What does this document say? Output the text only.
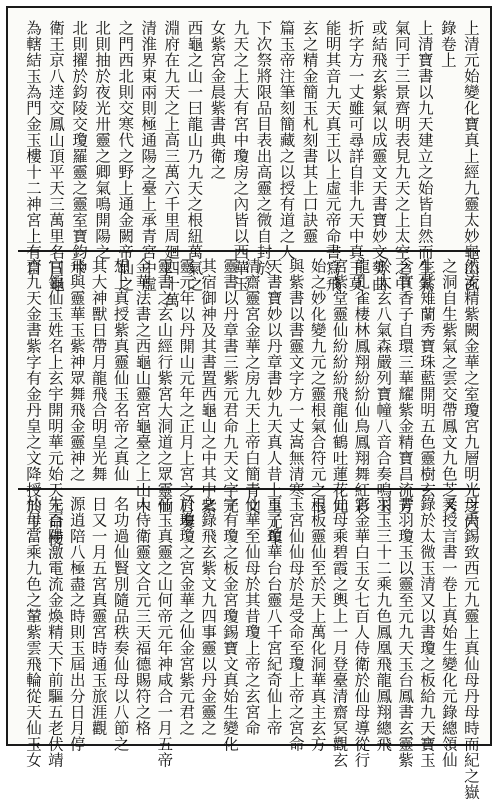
上清元始變化寶真上經九靈太妙龜山玄
錄卷上
上清寶書以九天建立之始皆自然而生氣
氣同于三景齊明表見九天之上太空之中
或結飛玄紫氣以成靈文天書寶妙文勢曲
折字方一丈雖可尋詳自非九天中真王莫
能明其音九天真王以上虛元帝命書寫飛
玄之精金簡玉札刻書其上口訣靈
篇玉帝注筆刻簡藏之以授有道之人
下次祭將限品目表出高靈之微自封於
九天之上大有宮中瓊房之內皆以西華玉
女紫宮金晨紫書典衛之
西龜之山一曰龍山乃九天之根紐萬氣之
淵府在九天之上高三萬六千里周廻四十萬
清淮界東兩則極通陽之臺上承青宮中虛
之門西北則交寒代之野上通金闕帝仙之
北則抽於夜光卅靈之卿氣鳴開陽之
北則擢於鈞陵交瓊羅靈之靈室寶鈞中
衛王京八逹交鳳山頂平天三萬里名曰龜
為轄結玉為門金玉樓十二神宮上有自
然流精紫闕金華之室瓊宮九層明光之穴
之洞自生紫氣之雲交帶鳳文九色芝秀
生紫雉蘭秀寶珠藍開明五色靈樹玄
含實香子自環三華耀紫金精寶昌流芳
於太玄八氣森嚴列寶幢八音合奏鳴玉
龍孔雀棲林鳳翔紛紛仙鳥鳳翔舞紅彩
宮紫堂靈仙紛紛紛飛龍仙鶴吐蓮花元
始之妙化變九元之靈根氣合符元之根
與紫書以書靈文字方一丈嵩無清寒
天書寶妙以丹章書妙九天真人昔上皇元年
清齋靈宮金華之房九天上帝白簡青文
靈書以丹章書三紫元君命九天文字元
其宿御神及其書置西龜山之中其中紫
靈元年以丹開山元年之正月上宮之日奏
靈書之玄山經行紫宮大洞道之眾靈仙
金華法書之西龜山靈宮龜臺之上山中
想上真授紫真靈仙玉名帝之真仙
其大神獸日帶月龍飛合明皇光舞
飛與靈華玉紫神眾舞飛金靈神之
官領仙玉姓名上玄宇開明華元始天王命使
齋九天金書紫字有金丹皇之文降授於王
母禹錫致西元九靈上真仙母丹母時而紀之嶽
又授言書一卷上真始生變化元錄總領仙
錄於太微玉清又以書瓊之板給九天寶玉
青羽瓊玉以靈至元九天玉台鳳書玄靈紫
羽玉三十二乘九色鳳凰飛龍鳳翔總飛
宮金華白玉女七百人侍衛於仙母導從行
仙母乘碧霞之輿上一月登臺清齋冥觀玄
玉板靈仙至於天上萬化洞華真主玄方
玉宮仙仙母於是受命至瓊上帝之宮命
玉子瓊華台台靈八千宮紀奇仙上帝
仙華至仙母於其昔瓊上帝之玄宮命
字有瓊之板金宮瓊錫寶文真始生變化
之錄飛玄紫文九四事靈以丹金靈之
於瓊瓊之宮金華之仙金宮紫元君之
帝玉真靈之山何帝元年神咸合一月五帝
人侍衛靈文合元三天福德賜符之格
名功過仙賢別隨品秩奏仙母以八節之
日又一月五宮真靈宮時通玉旅涯觀
源逍陪八極盡之時則玉屆出分日月停
先百陽激電流金煥精天下前驅五老伏靖
仙母當乘九色之輦紫雲飛輪從天仙玉女
